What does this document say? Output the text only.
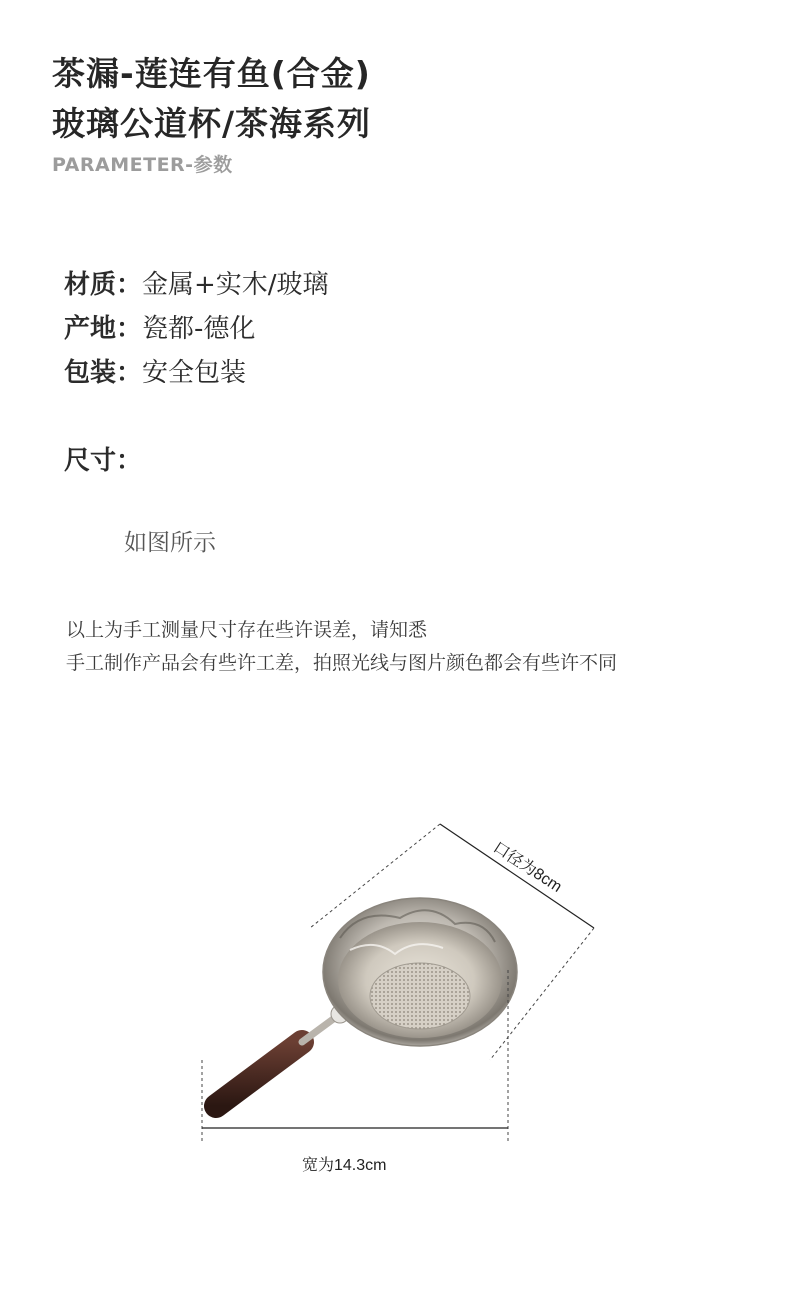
茶漏-莲连有鱼(合金)
玻璃公道杯/茶海系列
PARAMETER-参数
材质：金属+实木/玻璃
产地：瓷都-德化
包装：安全包装
尺寸：
如图所示
以上为手工测量尺寸存在些许误差，请知悉
手工制作产品会有些许工差，拍照光线与图片颜色都会有些许不同
口径为8cm
宽为14.3cm
